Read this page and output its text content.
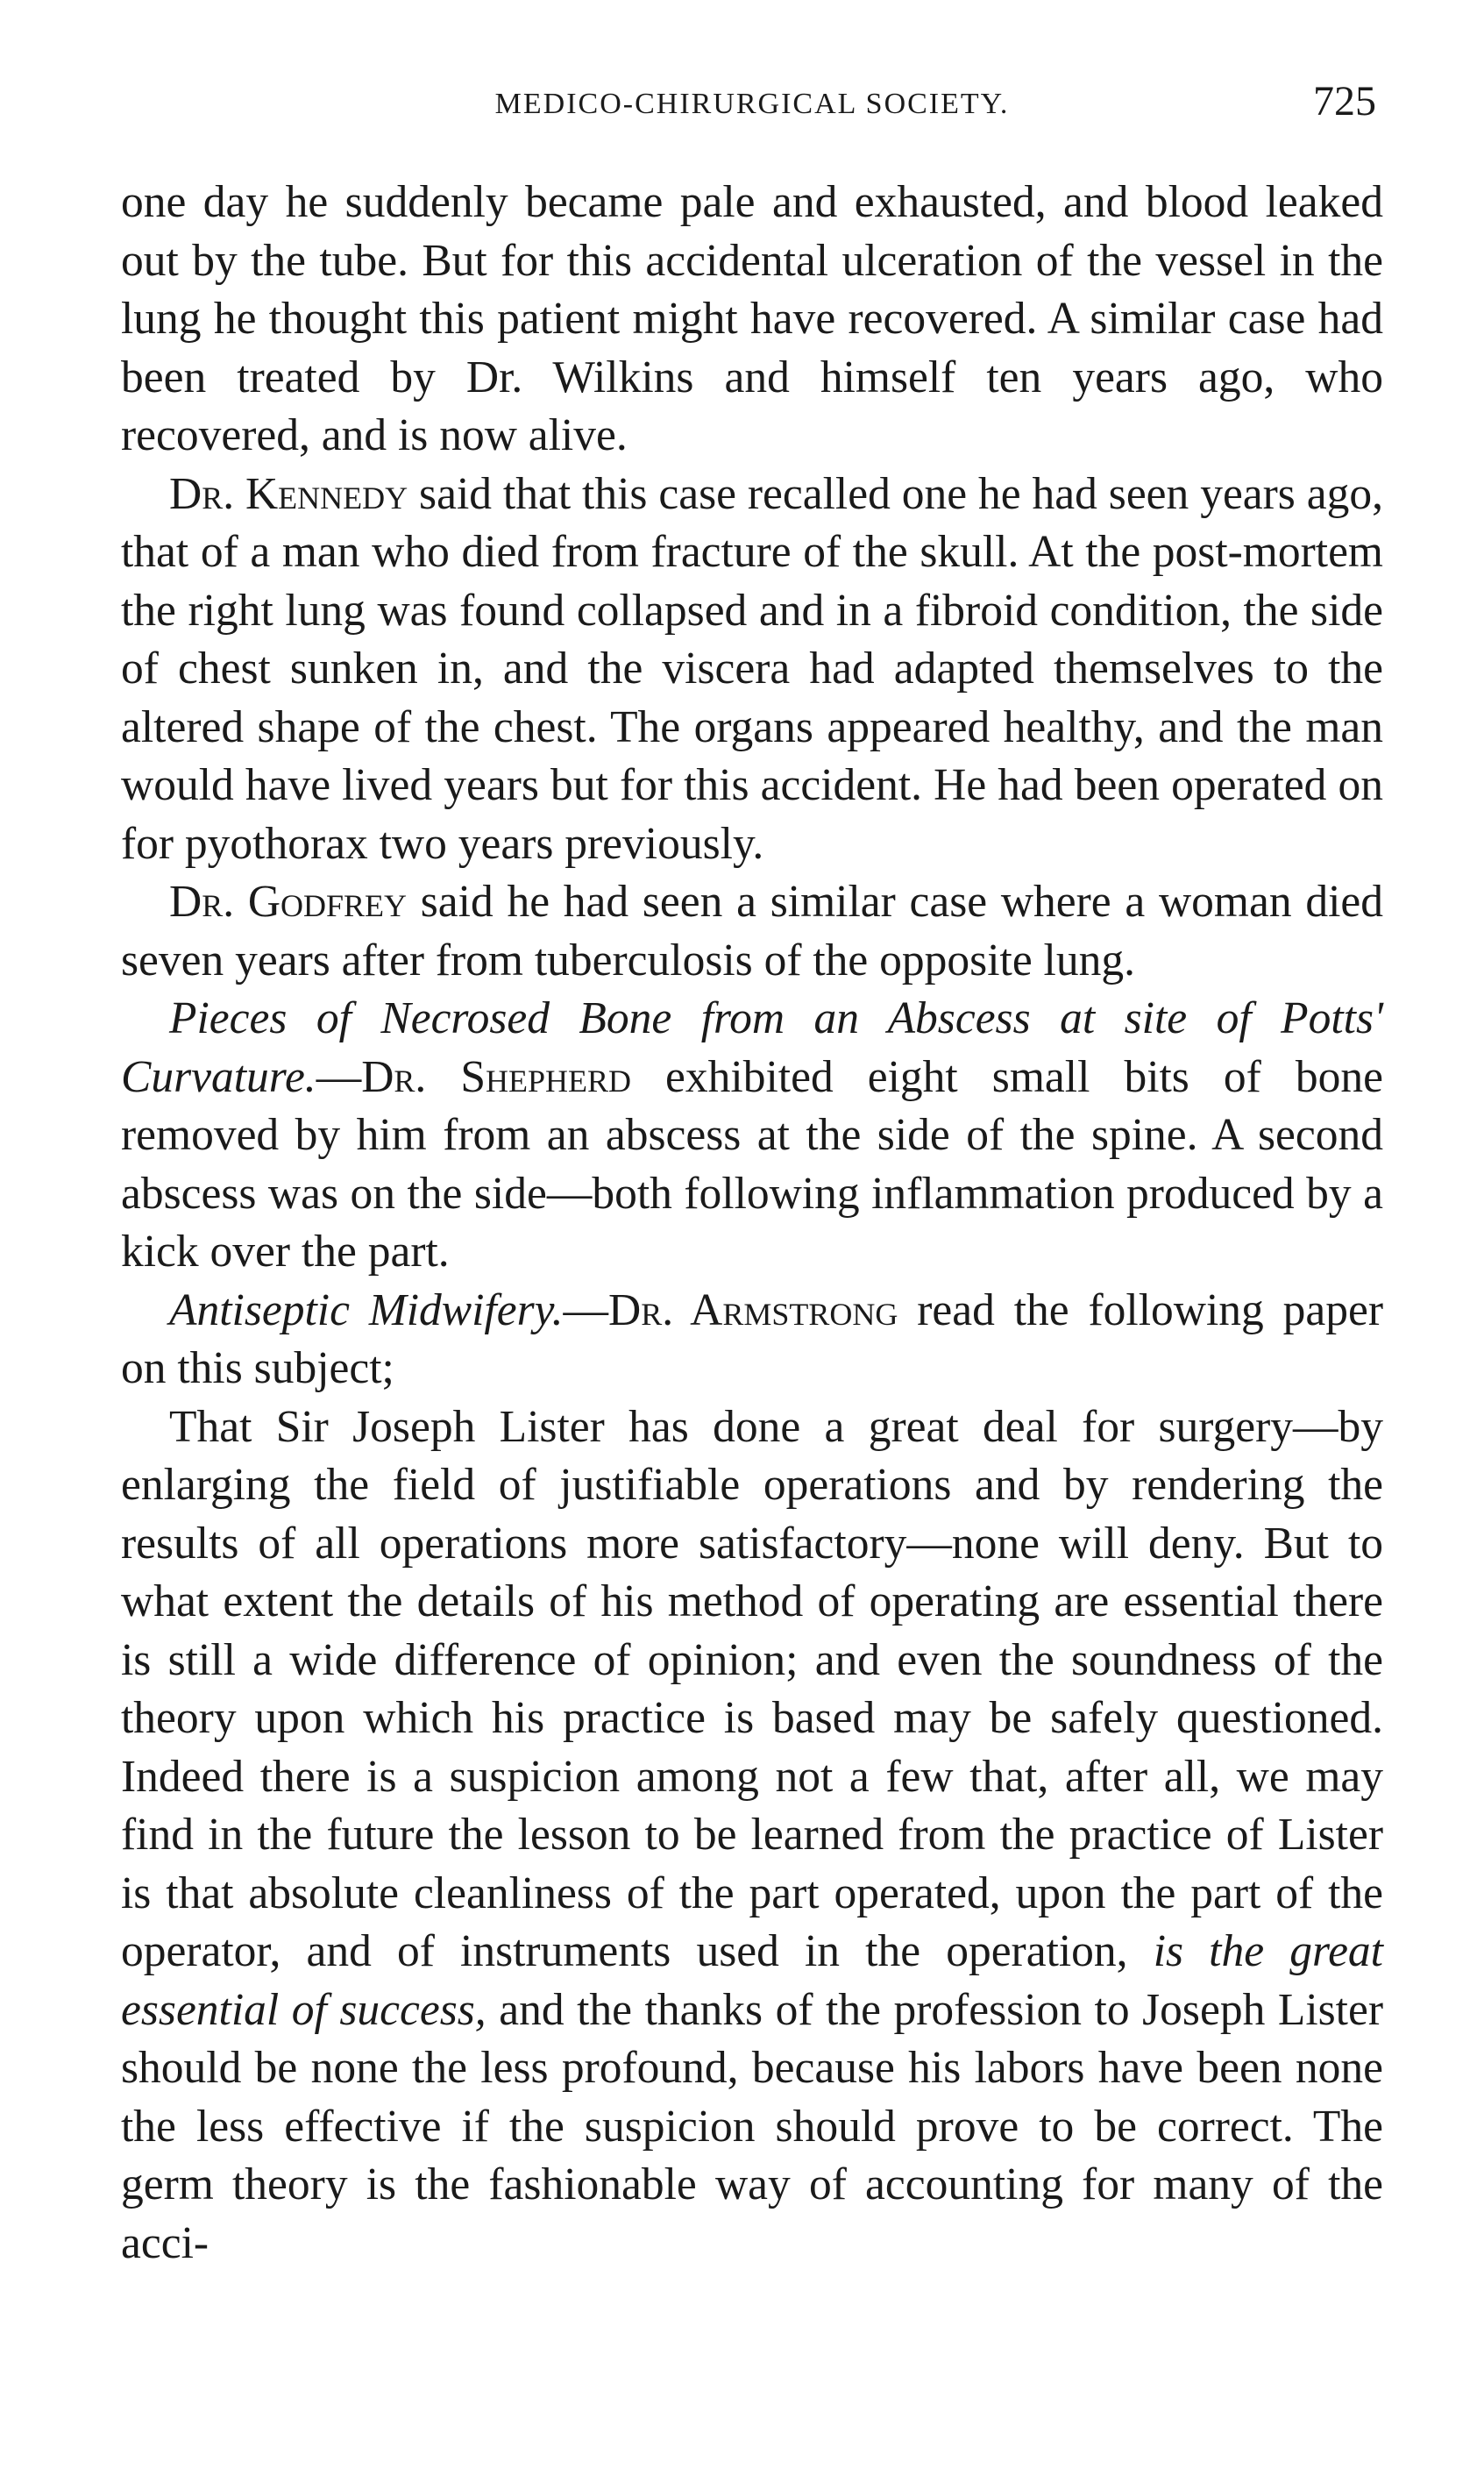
MEDICO-CHIRURGICAL SOCIETY.	725

one day he suddenly became pale and exhausted, and blood leaked out by the tube. But for this accidental ulceration of the vessel in the lung he thought this patient might have recovered. A similar case had been treated by Dr. Wilkins and himself ten years ago, who recovered, and is now alive.

Dr. Kennedy said that this case recalled one he had seen years ago, that of a man who died from fracture of the skull. At the post-mortem the right lung was found collapsed and in a fibroid condition, the side of chest sunken in, and the viscera had adapted themselves to the altered shape of the chest. The organs appeared healthy, and the man would have lived years but for this accident. He had been operated on for pyothorax two years previously.

Dr. Godfrey said he had seen a similar case where a woman died seven years after from tuberculosis of the opposite lung.

Pieces of Necrosed Bone from an Abscess at site of Potts' Curvature.—Dr. Shepherd exhibited eight small bits of bone removed by him from an abscess at the side of the spine. A second abscess was on the side—both following inflammation produced by a kick over the part.

Antiseptic Midwifery.—Dr. Armstrong read the following paper on this subject;

That Sir Joseph Lister has done a great deal for surgery—by enlarging the field of justifiable operations and by rendering the results of all operations more satisfactory—none will deny. But to what extent the details of his method of operating are essential there is still a wide difference of opinion; and even the soundness of the theory upon which his practice is based may be safely questioned. Indeed there is a suspicion among not a few that, after all, we may find in the future the lesson to be learned from the practice of Lister is that absolute cleanliness of the part operated, upon the part of the operator, and of instruments used in the operation, is the great essential of success, and the thanks of the profession to Joseph Lister should be none the less profound, because his labors have been none the less effective if the suspicion should prove to be correct. The germ theory is the fashionable way of accounting for many of the acci-
